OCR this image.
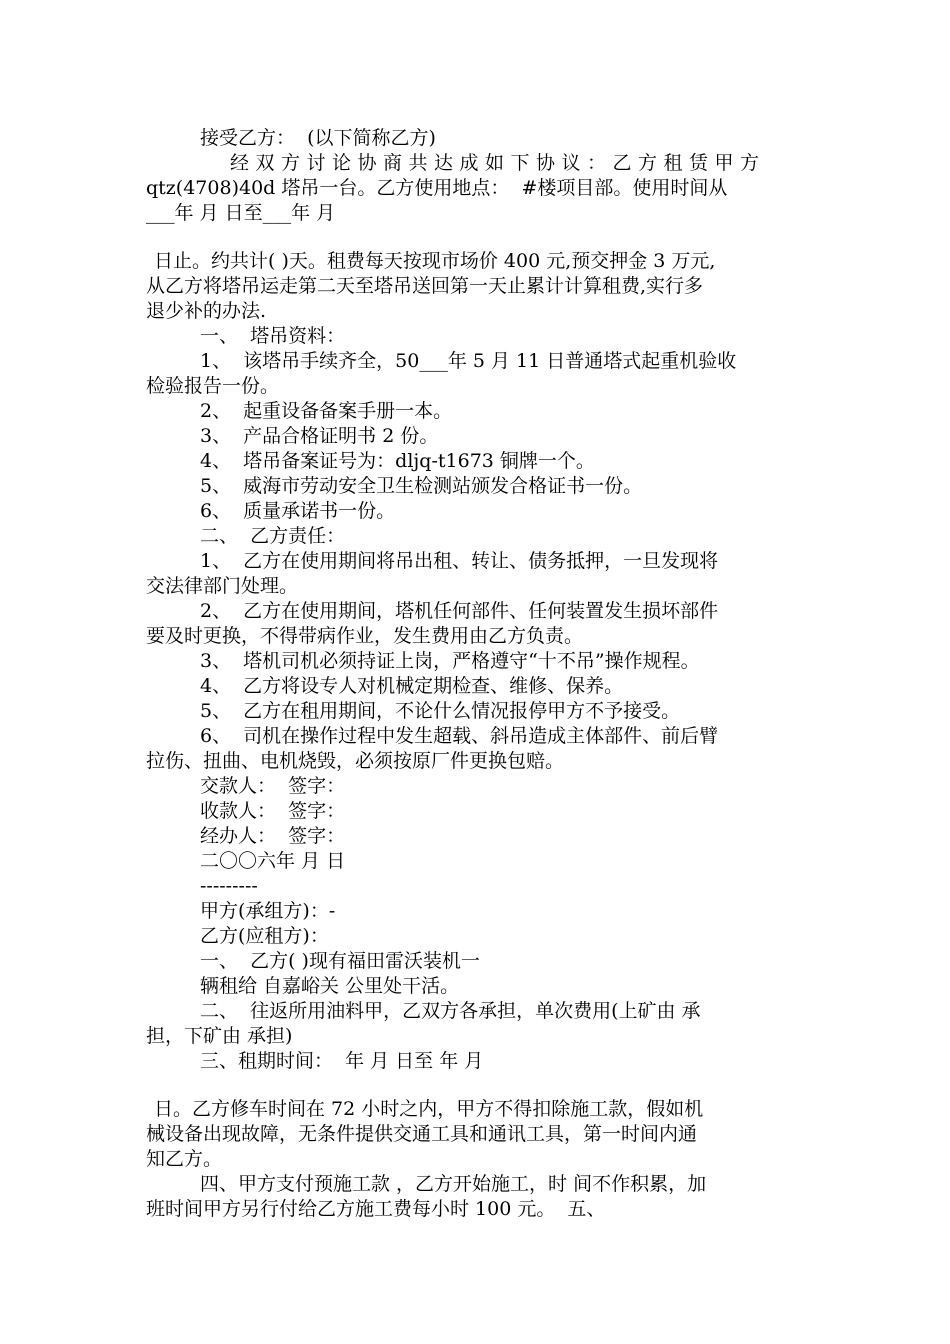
接受乙方：  (以下简称乙方)
经双方讨论协商共达成如下协议：乙方租赁甲方
qtz(4708)40d 塔吊一台。乙方使用地点：  #楼项目部。使用时间从
___年 月 日至___年 月
日止。约共计( )天。租费每天按现市场价 400 元,预交押金 3 万元,
从乙方将塔吊运走第二天至塔吊送回第一天止累计计算租费,实行多
退少补的办法.
一、  塔吊资料：
1、  该塔吊手续齐全，50___年 5 月 11 日普通塔式起重机验收
检验报告一份。
2、  起重设备备案手册一本。
3、  产品合格证明书 2 份。
4、  塔吊备案证号为：dljq-t1673 铜牌一个。
5、  威海市劳动安全卫生检测站颁发合格证书一份。
6、  质量承诺书一份。
二、  乙方责任：
1、  乙方在使用期间将吊出租、转让、债务抵押，一旦发现将
交法律部门处理。
2、  乙方在使用期间，塔机任何部件、任何装置发生损坏部件
要及时更换，不得带病作业，发生费用由乙方负责。
3、  塔机司机必须持证上岗，严格遵守“十不吊”操作规程。
4、  乙方将设专人对机械定期检查、维修、保养。
5、  乙方在租用期间，不论什么情况报停甲方不予接受。
6、  司机在操作过程中发生超载、斜吊造成主体部件、前后臂
拉伤、扭曲、电机烧毁，必须按原厂件更换包赔。
交款人：  签字：
收款人：  签字：
经办人：  签字：
二〇〇六年 月 日
---------
甲方(承组方)：-
乙方(应租方)：
一、  乙方( )现有福田雷沃装机一
辆租给 自嘉峪关 公里处干活。
二、  往返所用油料甲，乙双方各承担，单次费用(上矿由 承
担，下矿由 承担)
三、租期时间：  年 月 日至 年 月
日。乙方修车时间在 72 小时之内，甲方不得扣除施工款，假如机
械设备出现故障，无条件提供交通工具和通讯工具，第一时间内通
知乙方。
四、甲方支付预施工款 ，乙方开始施工，时 间不作积累，加
班时间甲方另行付给乙方施工费每小时 100 元。  五、
